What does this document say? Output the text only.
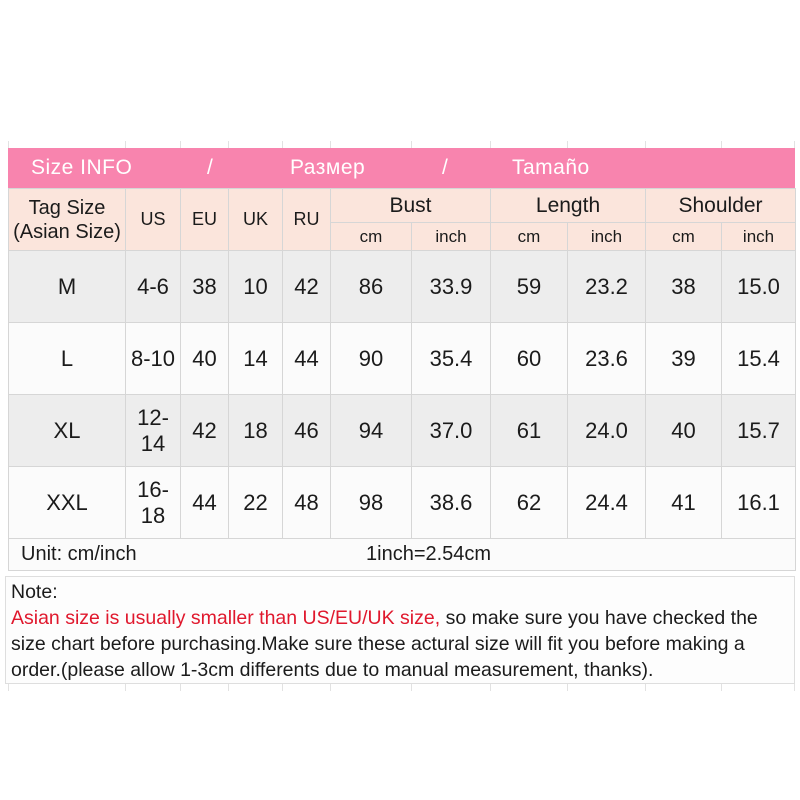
Size INFO	/	Размер	/	Tamaño
Tag Size
(Asian Size)	US	EU	UK	RU	Bust		Length		Shoulder	
					cm	inch	cm	inch	cm	inch
M	4-6	38	10	42	86	33.9	59	23.2	38	15.0
L	8-10	40	14	44	90	35.4	60	23.6	39	15.4
XL	12-14	42	18	46	94	37.0	61	24.0	40	15.7
XXL	16-18	44	22	48	98	38.6	62	24.4	41	16.1
Unit: cm/inch 1inch=2.54cm										
Note:
Asian size is usually smaller than US/EU/UK size, so make sure you have checked the
size chart before purchasing.Make sure these actural size will fit you before making a
order.(please allow 1-3cm differents due to manual measurement, thanks).
